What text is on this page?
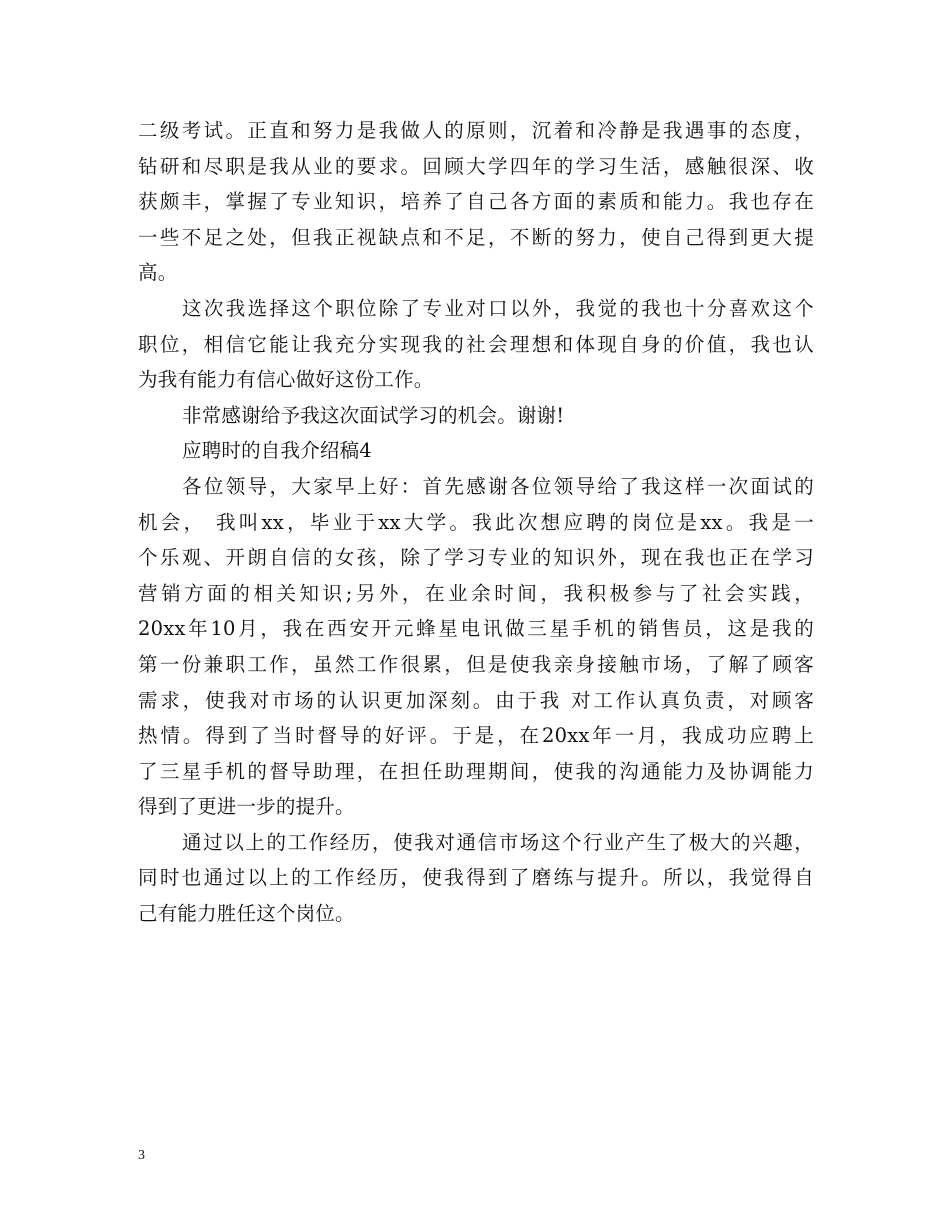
二级考试。正直和努力是我做人的原则，沉着和冷静是我遇事的态度，
钻研和尽职是我从业的要求。回顾大学四年的学习生活，感触很深、收
获颇丰，掌握了专业知识，培养了自己各方面的素质和能力。我也存在
一些不足之处，但我正视缺点和不足，不断的努力，使自己得到更大提
高。
这次我选择这个职位除了专业对口以外，我觉的我也十分喜欢这个
职位，相信它能让我充分实现我的社会理想和体现自身的价值，我也认
为我有能力有信心做好这份工作。
非常感谢给予我这次面试学习的机会。谢谢!
应聘时的自我介绍稿4
各位领导，大家早上好：首先感谢各位领导给了我这样一次面试的
机会， 我叫xx，毕业于xx大学。我此次想应聘的岗位是xx。我是一
个乐观、开朗自信的女孩，除了学习专业的知识外，现在我也正在学习
营销方面的相关知识;另外，在业余时间，我积极参与了社会实践，
20xx年10月，我在西安开元蜂星电讯做三星手机的销售员，这是我的
第一份兼职工作，虽然工作很累，但是使我亲身接触市场，了解了顾客
需求，使我对市场的认识更加深刻。由于我 对工作认真负责，对顾客
热情。得到了当时督导的好评。于是，在20xx年一月，我成功应聘上
了三星手机的督导助理，在担任助理期间，使我的沟通能力及协调能力
得到了更进一步的提升。
通过以上的工作经历，使我对通信市场这个行业产生了极大的兴趣，
同时也通过以上的工作经历，使我得到了磨练与提升。所以，我觉得自
己有能力胜任这个岗位。
3
